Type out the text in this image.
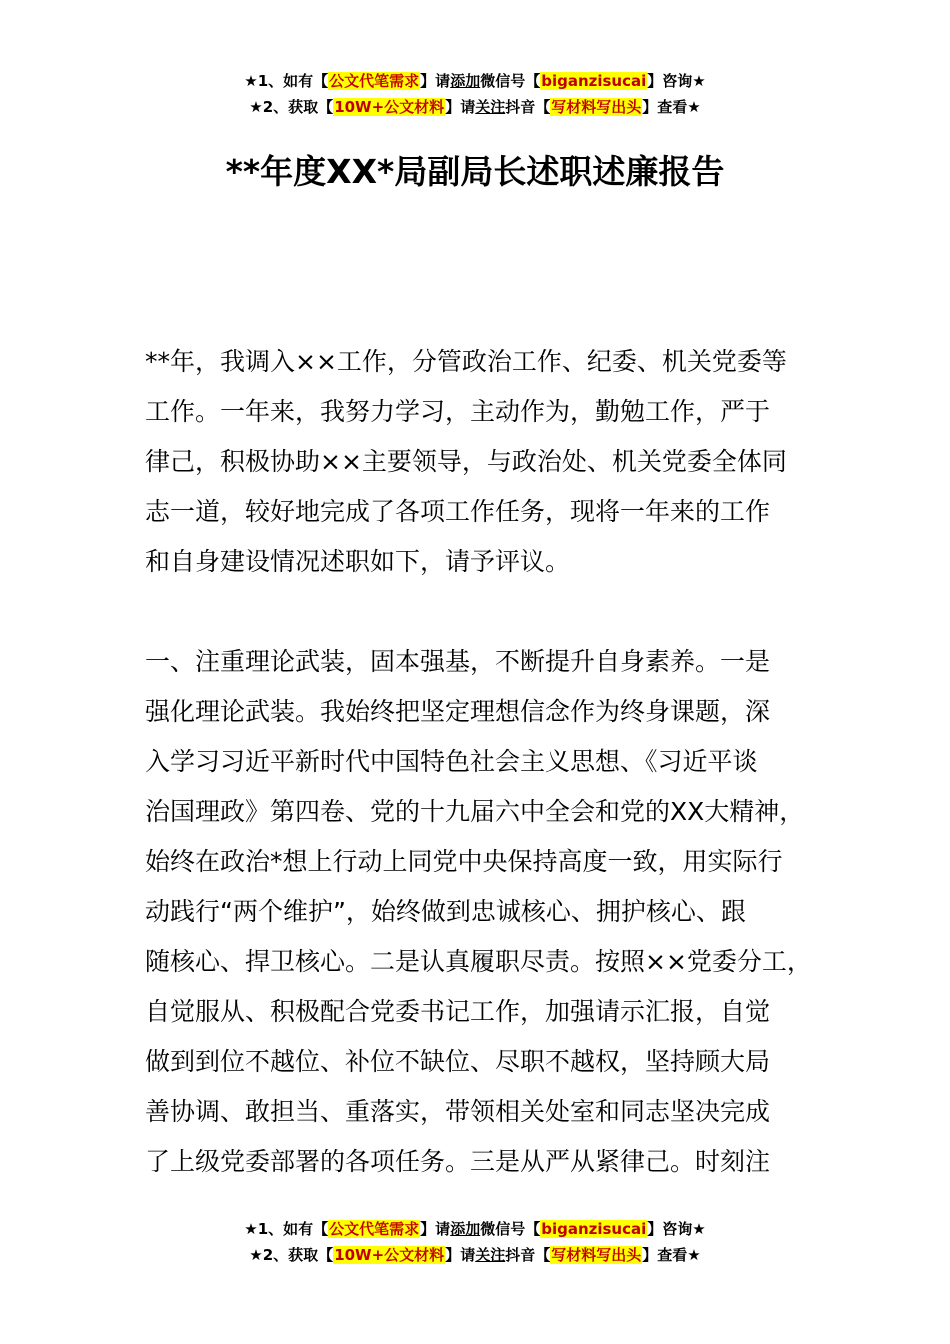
★1、如有【公文代笔需求】请添加微信号【biganzisucai】咨询★
★2、获取【10W+公文材料】请关注抖音【写材料写出头】查看★
**年度XX*局副局长述职述廉报告
**年，我调入××工作，分管政治工作、纪委、机关党委等
工作。一年来，我努力学习，主动作为，勤勉工作，严于
律己，积极协助××主要领导，与政治处、机关党委全体同
志一道，较好地完成了各项工作任务，现将一年来的工作
和自身建设情况述职如下，请予评议。
一、注重理论武装，固本强基，不断提升自身素养。一是
强化理论武装。我始终把坚定理想信念作为终身课题，深
入学习习近平新时代中国特色社会主义思想、《习近平谈
治国理政》第四卷、党的十九届六中全会和党的XX大精神，
始终在政治*想上行动上同党中央保持高度一致，用实际行
动践行“两个维护”，始终做到忠诚核心、拥护核心、跟
随核心、捍卫核心。二是认真履职尽责。按照××党委分工，
自觉服从、积极配合党委书记工作，加强请示汇报，自觉
做到到位不越位、补位不缺位、尽职不越权，坚持顾大局
善协调、敢担当、重落实，带领相关处室和同志坚决完成
了上级党委部署的各项任务。三是从严从紧律己。时刻注
★1、如有【公文代笔需求】请添加微信号【biganzisucai】咨询★
★2、获取【10W+公文材料】请关注抖音【写材料写出头】查看★
